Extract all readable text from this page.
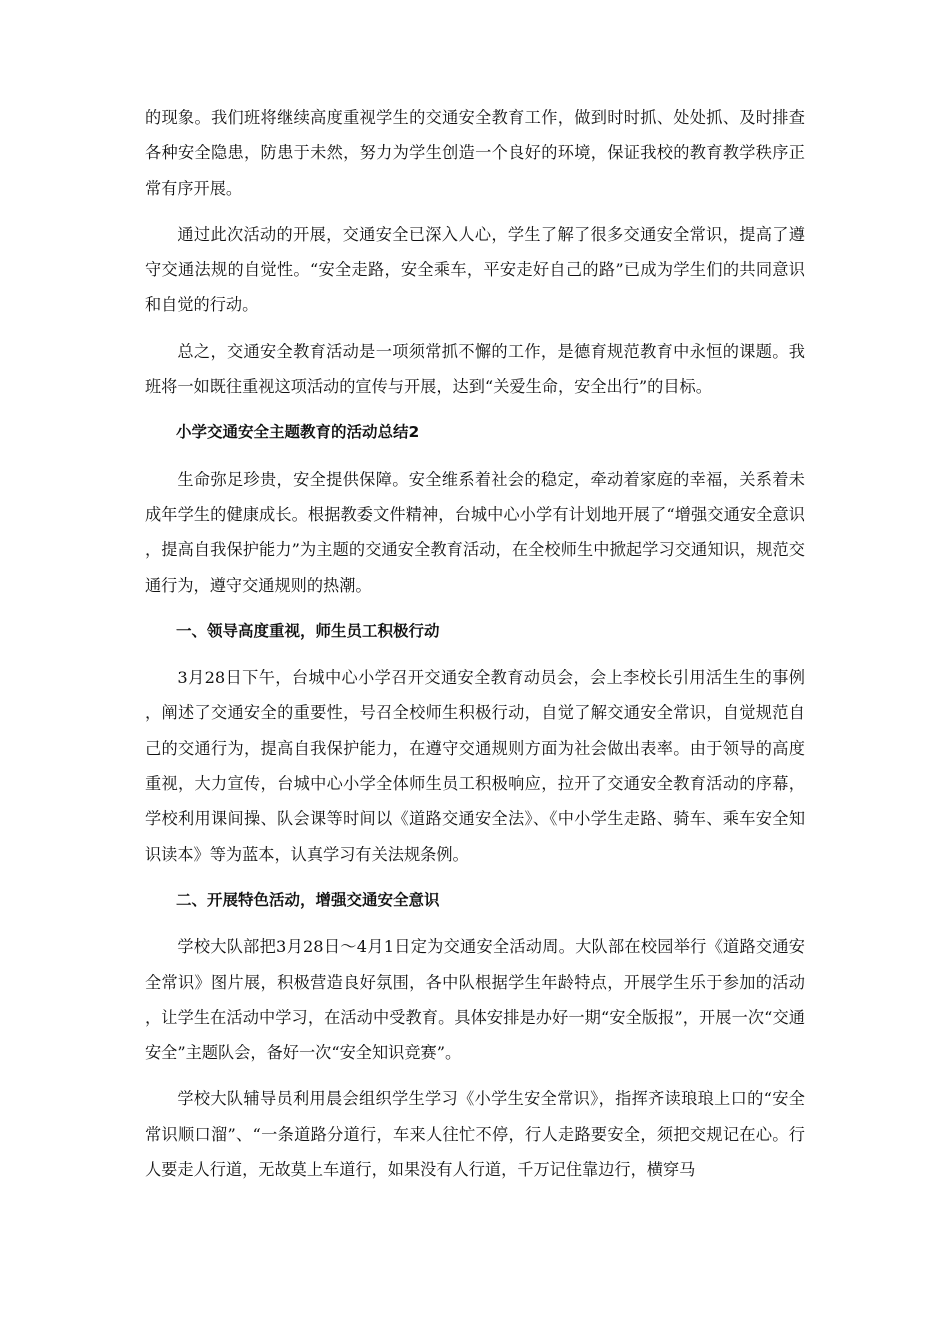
的现象。我们班将继续高度重视学生的交通安全教育工作，做到时时抓、处处抓、及时排查各种安全隐患，防患于未然，努力为学生创造一个良好的环境，保证我校的教育教学秩序正常有序开展。

通过此次活动的开展，交通安全已深入人心，学生了解了很多交通安全常识，提高了遵守交通法规的自觉性。“安全走路，安全乘车，平安走好自己的路”已成为学生们的共同意识和自觉的行动。

总之，交通安全教育活动是一项须常抓不懈的工作，是德育规范教育中永恒的课题。我班将一如既往重视这项活动的宣传与开展，达到“关爱生命，安全出行”的目标。

小学交通安全主题教育的活动总结2

生命弥足珍贵，安全提供保障。安全维系着社会的稳定，牵动着家庭的幸福，关系着未成年学生的健康成长。根据教委文件精神，台城中心小学有计划地开展了“增强交通安全意识，提高自我保护能力”为主题的交通安全教育活动，在全校师生中掀起学习交通知识，规范交通行为，遵守交通规则的热潮。

一、领导高度重视，师生员工积极行动

3月28日下午，台城中心小学召开交通安全教育动员会，会上李校长引用活生生的事例，阐述了交通安全的重要性，号召全校师生积极行动，自觉了解交通安全常识，自觉规范自己的交通行为，提高自我保护能力，在遵守交通规则方面为社会做出表率。由于领导的高度重视，大力宣传，台城中心小学全体师生员工积极响应，拉开了交通安全教育活动的序幕，学校利用课间操、队会课等时间以《道路交通安全法》、《中小学生走路、骑车、乘车安全知识读本》等为蓝本，认真学习有关法规条例。

二、开展特色活动，增强交通安全意识

学校大队部把3月28日～4月1日定为交通安全活动周。大队部在校园举行《道路交通安全常识》图片展，积极营造良好氛围，各中队根据学生年龄特点，开展学生乐于参加的活动，让学生在活动中学习，在活动中受教育。具体安排是办好一期“安全版报”，开展一次“交通安全”主题队会，备好一次“安全知识竞赛”。

学校大队辅导员利用晨会组织学生学习《小学生安全常识》，指挥齐读琅琅上口的“安全常识顺口溜”、“一条道路分道行，车来人往忙不停，行人走路要安全，须把交规记在心。行人要走人行道，无故莫上车道行，如果没有人行道，千万记住靠边行，横穿马
